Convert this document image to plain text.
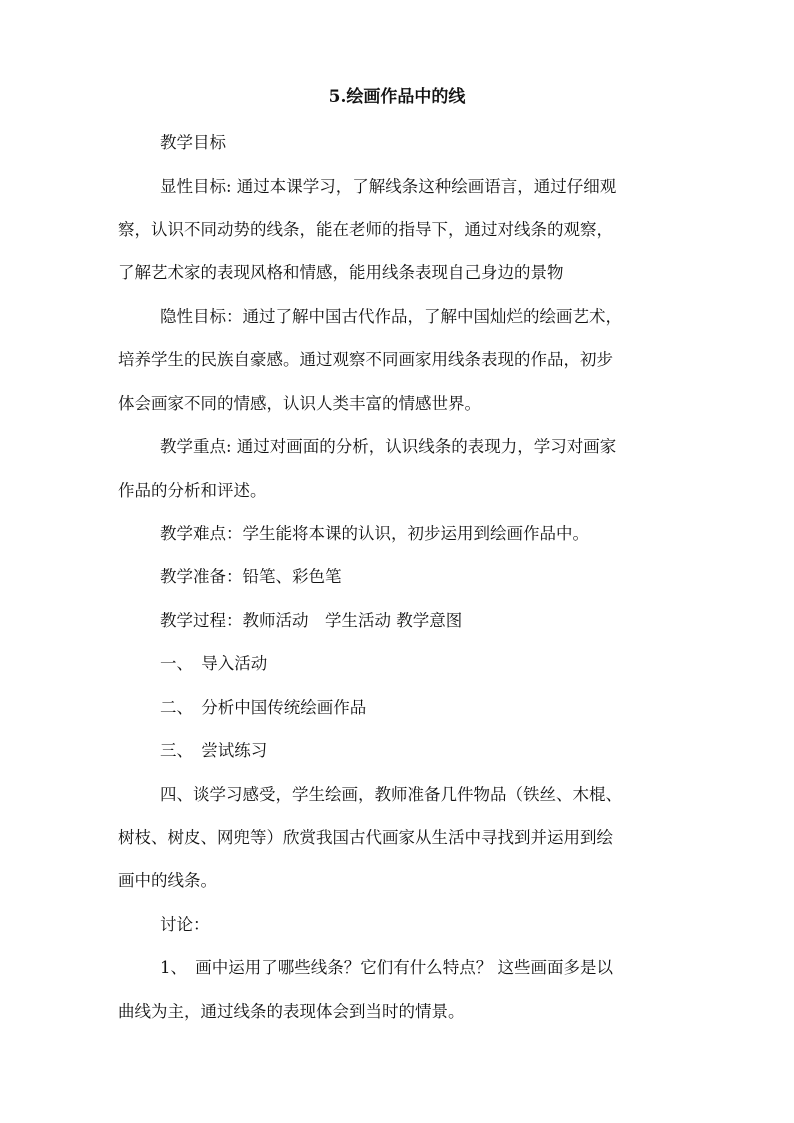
5.绘画作品中的线
教学目标
显性目标: 通过本课学习，了解线条这种绘画语言，通过仔细观
察，认识不同动势的线条，能在老师的指导下，通过对线条的观察，
了解艺术家的表现风格和情感，能用线条表现自己身边的景物
隐性目标：通过了解中国古代作品，了解中国灿烂的绘画艺术，
培养学生的民族自豪感。通过观察不同画家用线条表现的作品，初步
体会画家不同的情感，认识人类丰富的情感世界。
教学重点: 通过对画面的分析，认识线条的表现力，学习对画家
作品的分析和评述。
教学难点：学生能将本课的认识，初步运用到绘画作品中。
教学准备：铅笔、彩色笔
教学过程：教师活动　学生活动 教学意图
一、　导入活动
二、　分析中国传统绘画作品
三、　尝试练习
四、谈学习感受，学生绘画，教师准备几件物品（铁丝、木棍、
树枝、树皮、网兜等）欣赏我国古代画家从生活中寻找到并运用到绘
画中的线条。
讨论：
1、　画中运用了哪些线条？它们有什么特点？ 这些画面多是以
曲线为主，通过线条的表现体会到当时的情景。
